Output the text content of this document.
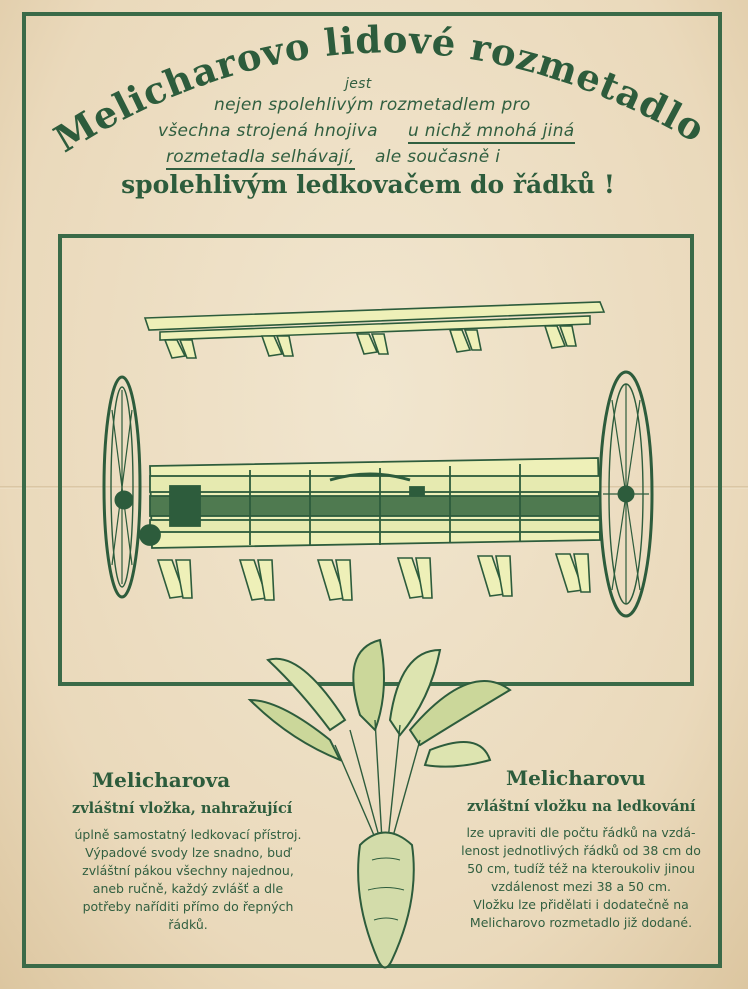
Melicharovo lidové rozmetadlo
jest
nejen spolehlivým rozmetadlem pro
všechna strojená hnojiva u nichž mnohá jiná
rozmetadla selhávají, ale současně i
spolehlivým ledkovačem do řádků !
Melicharova
zvláštní vložka, nahražující
úplně samostatný ledkovací přístroj.
Výpadové svody lze snadno, buď
zvláštní pákou všechny najednou,
aneb ručně, každý zvlášť a dle
potřeby naříditi přímo do řepných
řádků.
Melicharovu
zvláštní vložku na ledkování
lze upraviti dle počtu řádků na vzdá-
lenost jednotlivých řádků od 38 cm do
50 cm, tudíž též na kteroukoliv jinou
vzdálenost mezi 38 a 50 cm.
Vložku lze přidělati i dodatečně na
Melicharovo rozmetadlo již dodané.
